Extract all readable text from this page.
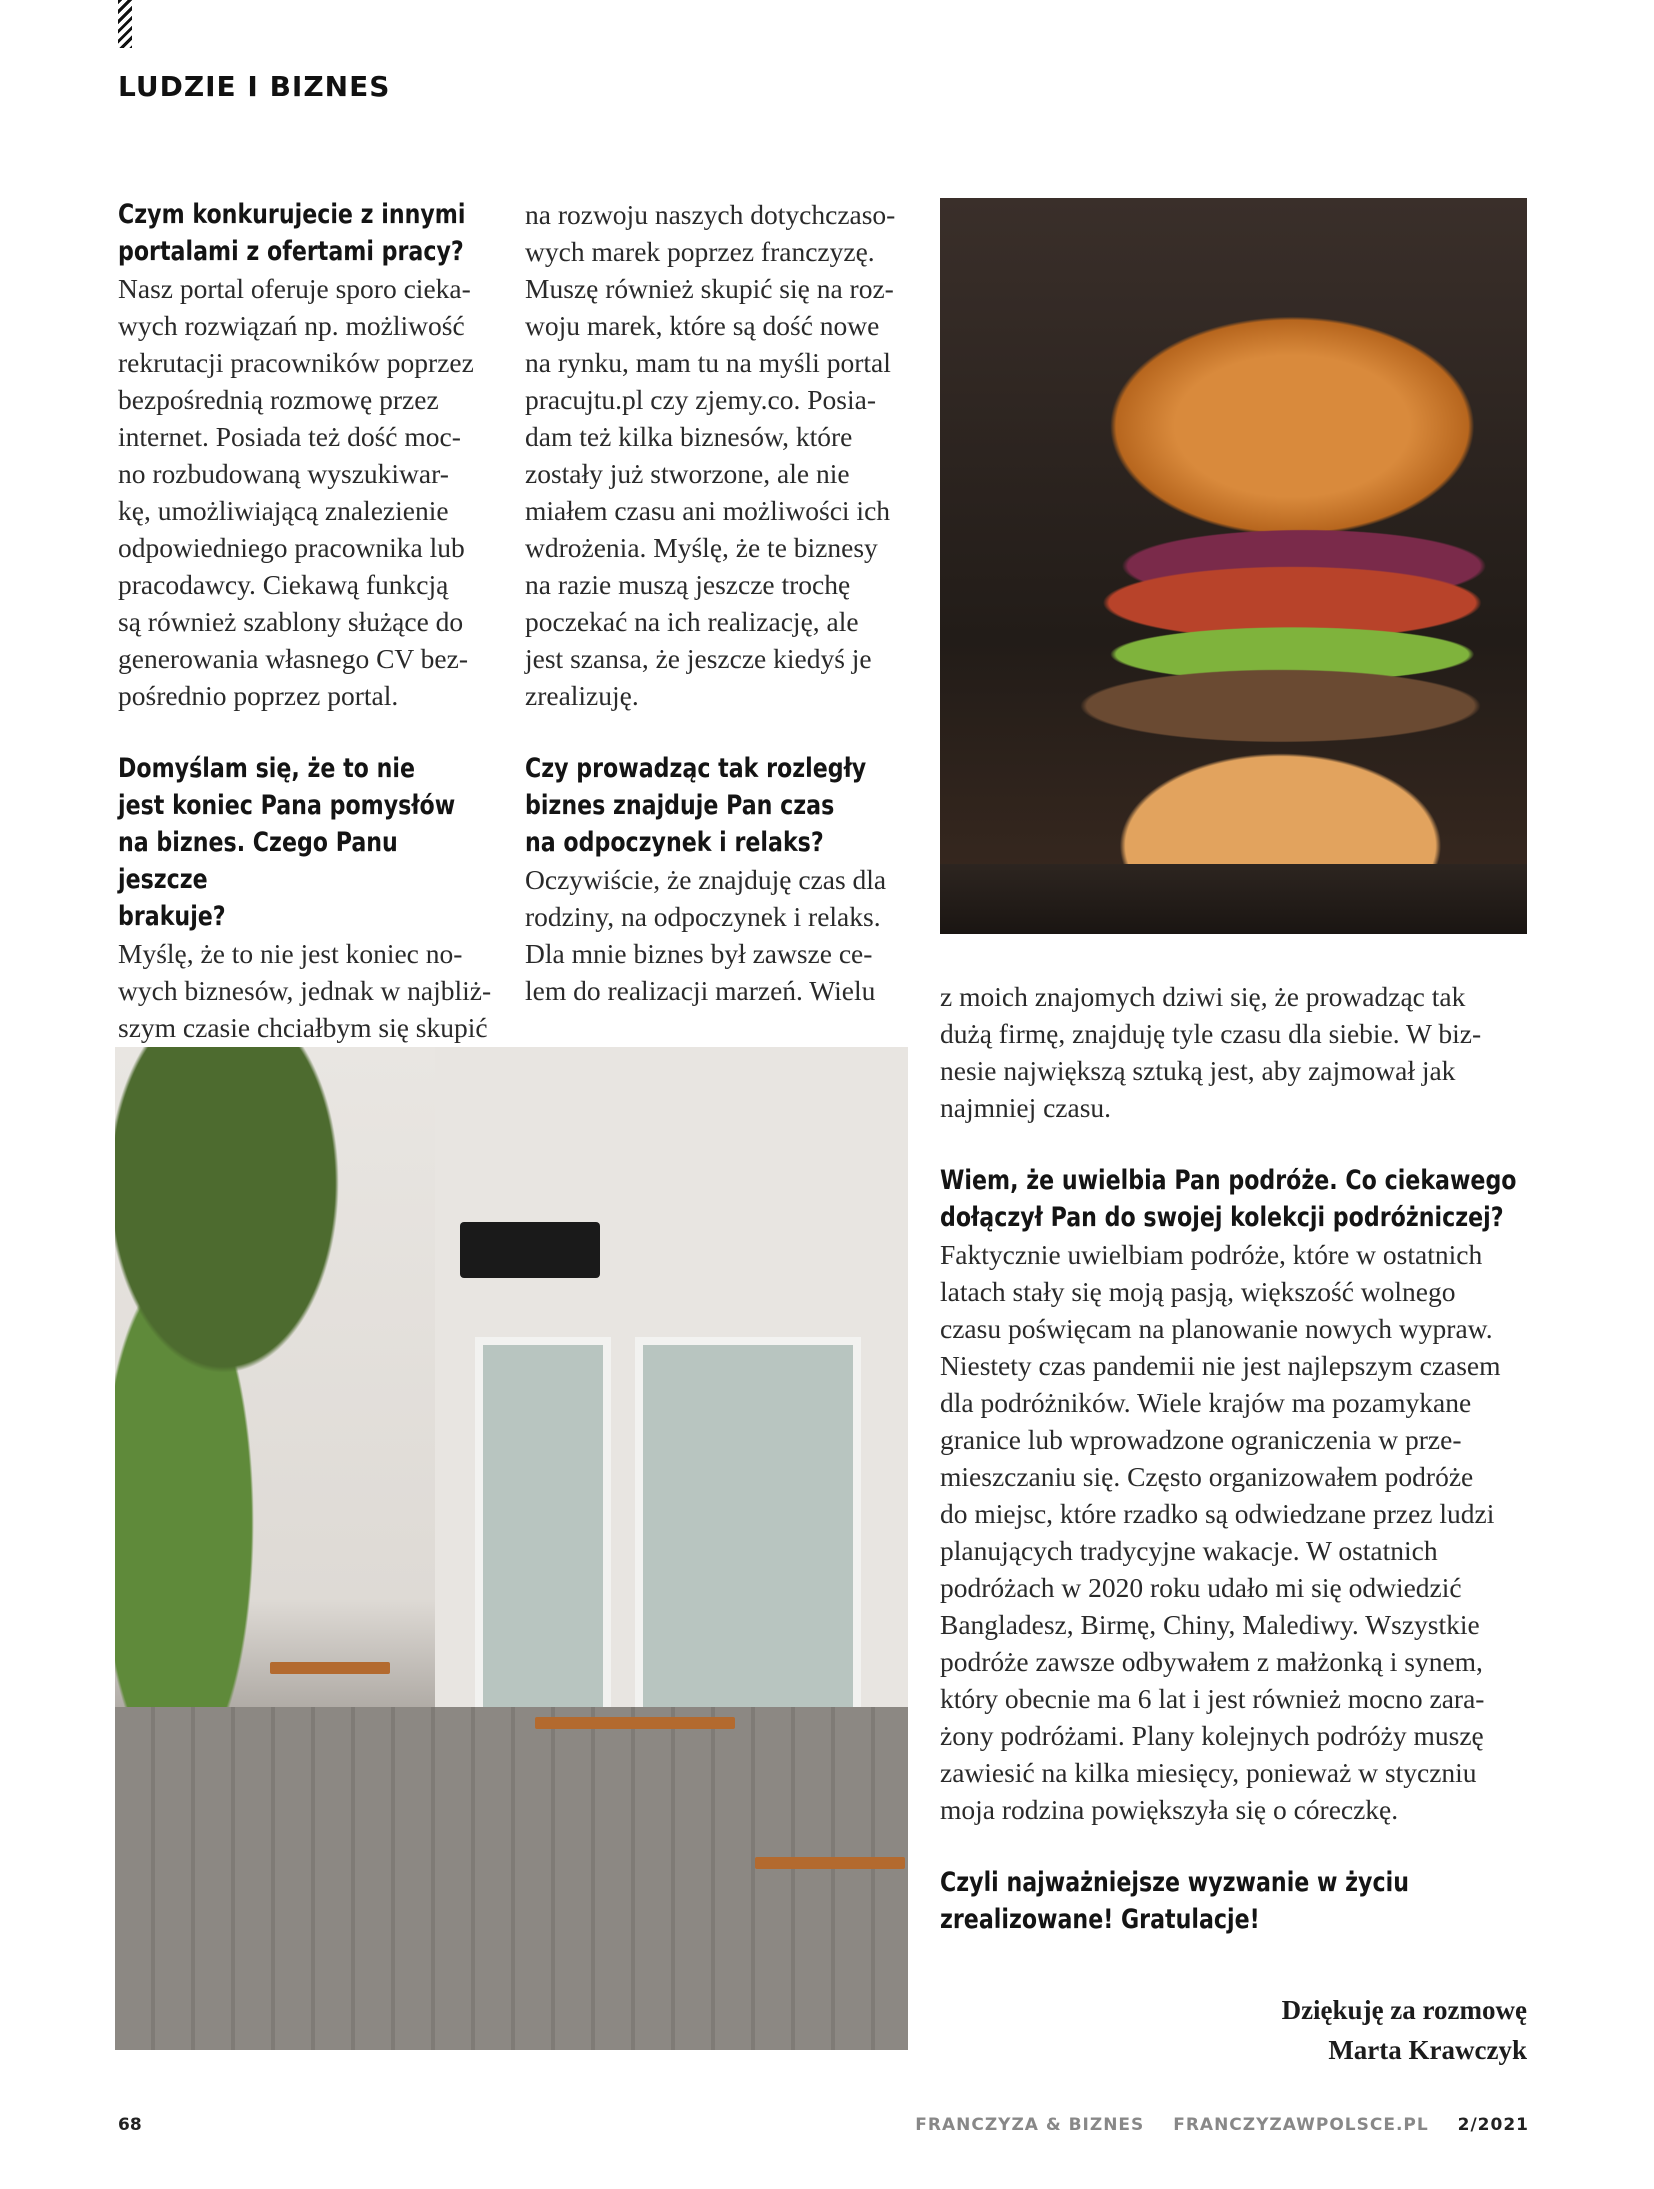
LUDZIE I BIZNES
Czym konkurujecie z innymi
portalami z ofertami pracy?
Nasz portal oferuje sporo cieka-
wych rozwiązań np. możliwość
rekrutacji pracowników poprzez
bezpośrednią rozmowę przez
internet. Posiada też dość moc-
no rozbudowaną wyszukiwar-
kę, umożliwiającą znalezienie
odpowiedniego pracownika lub
pracodawcy. Ciekawą funkcją
są również szablony służące do
generowania własnego CV bez-
pośrednio poprzez portal.
Domyślam się, że to nie
jest koniec Pana pomysłów
na biznes. Czego Panu jeszcze
brakuje?
Myślę, że to nie jest koniec no-
wych biznesów, jednak w najbliż-
szym czasie chciałbym się skupić
na rozwoju naszych dotychczaso-
wych marek poprzez franczyzę.
Muszę również skupić się na roz-
woju marek, które są dość nowe
na rynku, mam tu na myśli portal
pracujtu.pl czy zjemy.co. Posia-
dam też kilka biznesów, które
zostały już stworzone, ale nie
miałem czasu ani możliwości ich
wdrożenia. Myślę, że te biznesy
na razie muszą jeszcze trochę
poczekać na ich realizację, ale
jest szansa, że jeszcze kiedyś je
zrealizuję.
Czy prowadząc tak rozległy
biznes znajduje Pan czas
na odpoczynek i relaks?
Oczywiście, że znajduję czas dla
rodziny, na odpoczynek i relaks.
Dla mnie biznes był zawsze ce-
lem do realizacji marzeń. Wielu	z moich znajomych dziwi się, że prowadząc tak
dużą firmę, znajduję tyle czasu dla siebie. W biz-
nesie największą sztuką jest, aby zajmował jak
najmniej czasu.
Wiem, że uwielbia Pan podróże. Co ciekawego
dołączył Pan do swojej kolekcji podróżniczej?
Faktycznie uwielbiam podróże, które w ostatnich
latach stały się moją pasją, większość wolnego
czasu poświęcam na planowanie nowych wypraw.
Niestety czas pandemii nie jest najlepszym czasem
dla podróżników. Wiele krajów ma pozamykane
granice lub wprowadzone ograniczenia w prze-
mieszczaniu się. Często organizowałem podróże
do miejsc, które rzadko są odwiedzane przez ludzi
planujących tradycyjne wakacje. W ostatnich
podróżach w 2020 roku udało mi się odwiedzić
Bangladesz, Birmę, Chiny, Malediwy. Wszystkie
podróże zawsze odbywałem z małżonką i synem,
który obecnie ma 6 lat i jest również mocno zara-
żony podróżami. Plany kolejnych podróży muszę
zawiesić na kilka miesięcy, ponieważ w styczniu
moja rodzina powiększyła się o córeczkę.
Czyli najważniejsze wyzwanie w życiu
zrealizowane! Gratulacje!
Dziękuję za rozmowę
Marta Krawczyk
68	FRANCZYZA & BIZNES FRANCZYZAWPOLSCE.PL 2/2021
